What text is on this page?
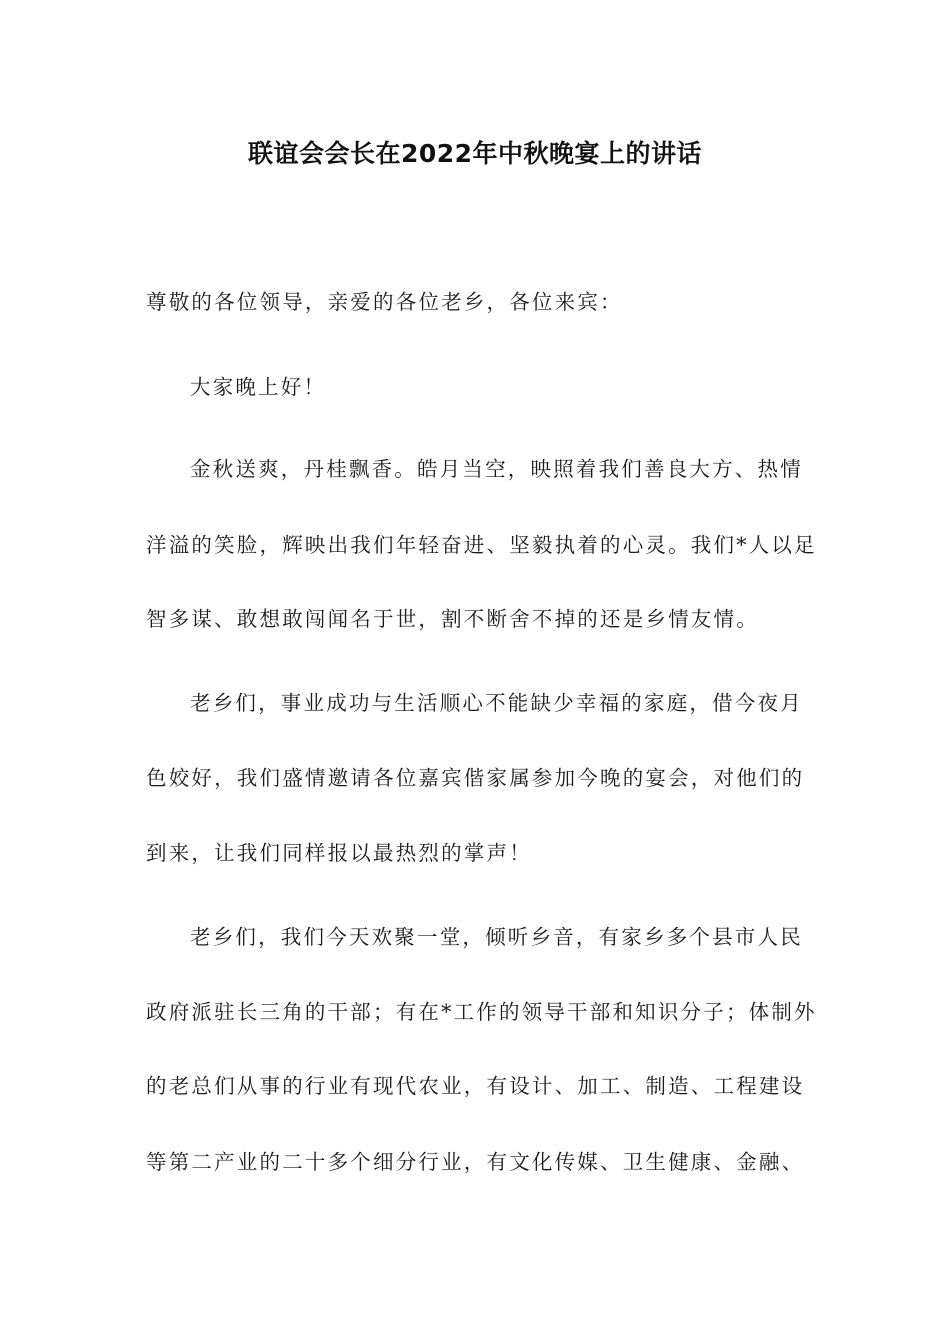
联谊会会长在2022年中秋晚宴上的讲话

尊敬的各位领导，亲爱的各位老乡，各位来宾：

大家晚上好！

金秋送爽，丹桂飘香。皓月当空，映照着我们善良大方、热情

洋溢的笑脸，辉映出我们年轻奋进、坚毅执着的心灵。我们*人以足

智多谋、敢想敢闯闻名于世，割不断舍不掉的还是乡情友情。

老乡们，事业成功与生活顺心不能缺少幸福的家庭，借今夜月

色姣好，我们盛情邀请各位嘉宾偕家属参加今晚的宴会，对他们的

到来，让我们同样报以最热烈的掌声！

老乡们，我们今天欢聚一堂，倾听乡音，有家乡多个县市人民

政府派驻长三角的干部；有在*工作的领导干部和知识分子；体制外

的老总们从事的行业有现代农业，有设计、加工、制造、工程建设

等第二产业的二十多个细分行业，有文化传媒、卫生健康、金融、
